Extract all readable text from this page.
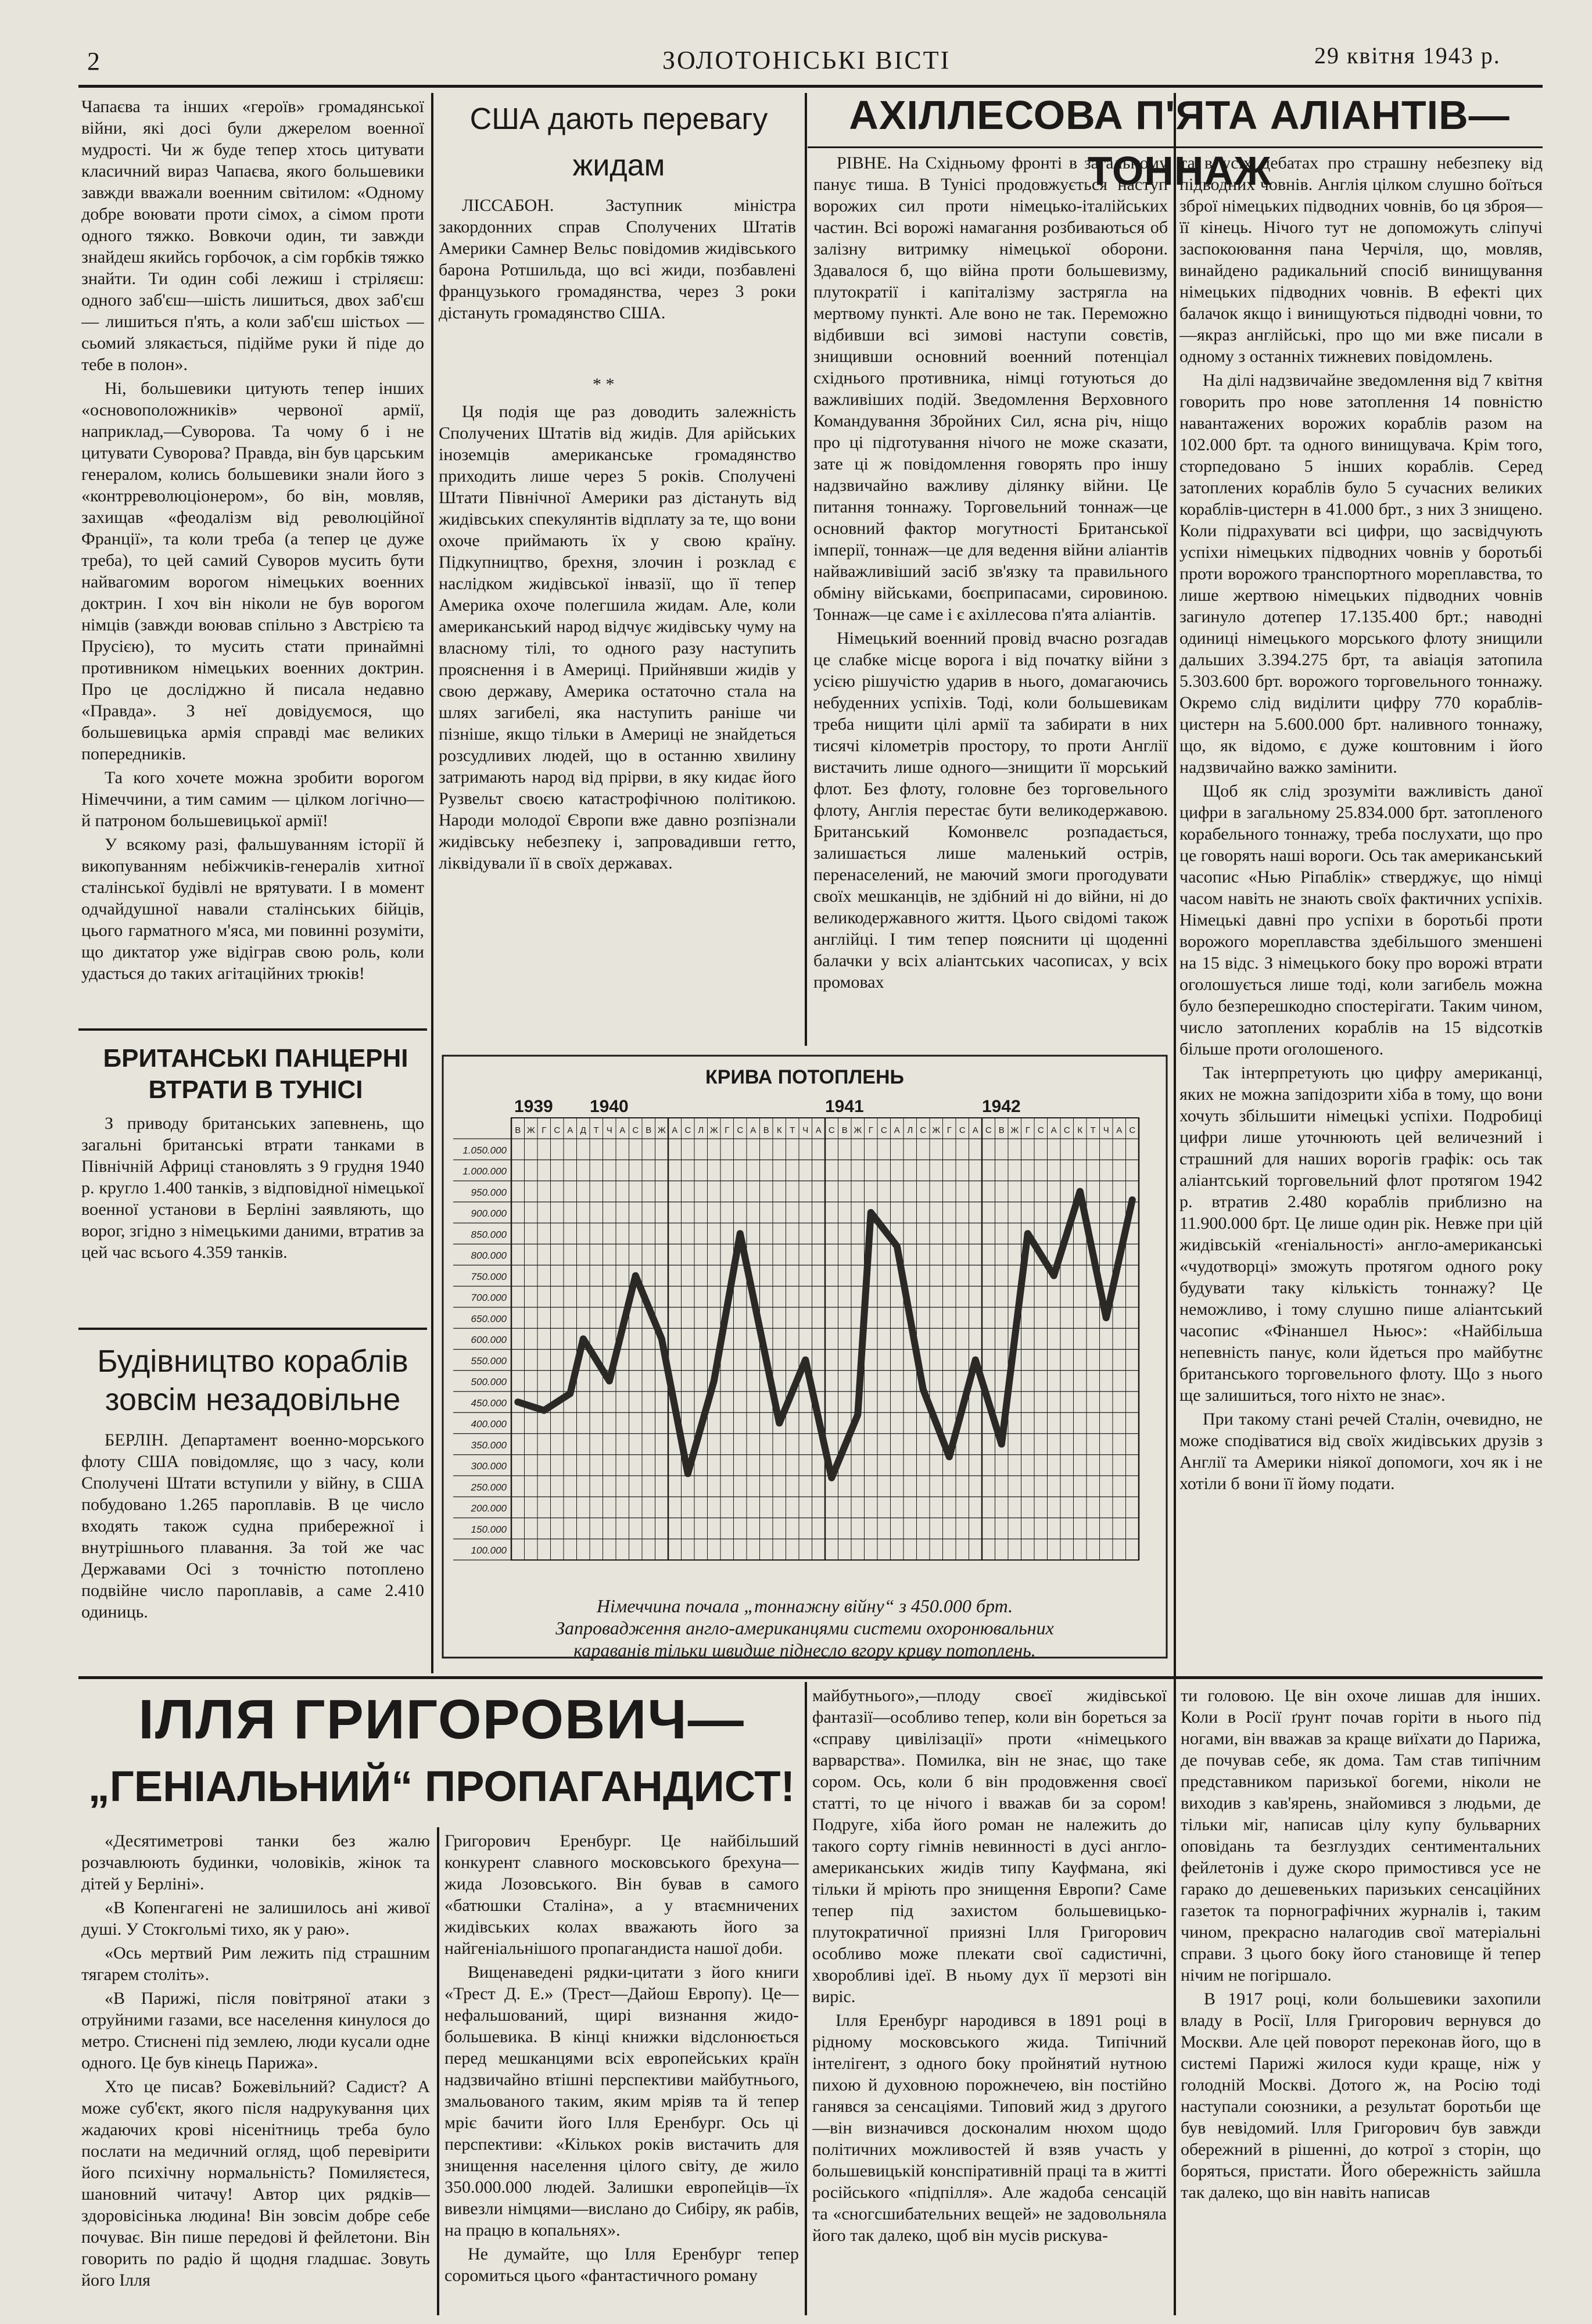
2	ЗОЛОТОНІСЬКІ ВІСТІ	29 квітня 1943 р.

Чапаєва та інших «героїв» громадянської війни, які досі були джерелом военної мудрості. Чи ж буде тепер хтось цитувати класичний вираз Чапаєва, якого большевики завжди вважали военним світилом: «Одному добре воювати проти сімох, а сімом проти одного тяжко. Вовкочи один, ти завжди знайдеш якийсь горбочок, а сім горбків тяжко знайти. Ти один собі лежиш і стріляєш: одного заб'єш—шість лишиться, двох заб'єш — лишиться п'ять, а коли заб'єш шістьох — сьомий злякається, підійме руки й піде до тебе в полон».

Ні, большевики цитують тепер інших «основоположників» червоної армії, наприклад,—Суворова. Та чому б і не цитувати Суворова? Правда, він був царським генералом, колись большевики знали його з «контрреволюціонером», бо він, мовляв, захищав «феодалізм від революційної Франції», та коли треба (а тепер це дуже треба), то цей самий Суворов мусить бути найвагомим ворогом німецьких военних доктрин. І хоч він ніколи не був ворогом німців (завжди воював спільно з Австрією та Прусією), то мусить стати принаймні противником німецьких военних доктрин. Про це досліджно й писала недавно «Правда». З неї довідуємося, що большевицька армія справді має великих попередників.

Та кого хочете можна зробити ворогом Німеччини, а тим самим — цілком логічно—й патроном большевицької армії!

У всякому разі, фальшуванням історії й викопуванням небіжчиків-генералів хитної сталінської будівлі не врятувати. І в момент одчайдушної навали сталінських бійців, цього гарматного м'яса, ми повинні розуміти, що диктатор уже відіграв свою роль, коли удасться до таких агітаційних трюків!

БРИТАНСЬКІ ПАНЦЕРНІ ВТРАТИ В ТУНІСІ

З приводу британських запевнень, що загальні британські втрати танками в Північній Африці становлять з 9 грудня 1940 р. круглo 1.400 танків, з відповідної німецької военної установи в Берліні заявляють, що ворог, згідно з німецькими даними, втратив за цей час всього 4.359 танків.

Будівництво кораблів зовсім незадовільне

БЕРЛІН. Департамент военно-морського флоту США повідомляє, що з часу, коли Сполучені Штати вступили у війну, в США побудовано 1.265 пароплавів. В це число входять також судна прибережної і внутрішнього плавання. За той же час Державами Осі з точністю потоплено подвійне число пароплавів, а саме 2.410 одиниць.

США дають перевагу жидам

ЛІССАБОН. Заступник міністра закордонних справ Сполучених Штатів Америки Самнер Вельс повідомив жидівського барона Ротшильда, що всі жиди, позбавлені французького громадянства, через 3 роки дістануть громадянство США.

* *

Ця подія ще раз доводить залежність Сполучених Штатів від жидів. Для арійських іноземців американське громадянство приходить лише через 5 років. Сполучені Штати Північної Америки раз дістануть від жидівських спекулянтів відплату за те, що вони охоче приймають їх у свою країну. Підкупництво, брехня, злочин і розклад є наслідком жидівської інвазії, що її тепер Америка охоче полегшила жидам. Але, коли американський народ відчує жидівську чуму на власному тілі, то одного разу наступить прояснення і в Америці. Прийнявши жидів у свою державу, Америка остаточно стала на шлях загибелі, яка наступить раніше чи пізніше, якщо тільки в Америці не знайдеться розсудливих людей, що в останню хвилину затримають народ від прірви, в яку кидає його Рузвельт своєю катастрофічною політикою. Народи молодої Європи вже давно розпізнали жидівську небезпеку і, запровадивши гетто, ліквідували її в своїх державах.

АХІЛЛЕСОВА П'ЯТА АЛІАНТІВ—ТОННАЖ

РІВНЕ. На Східньому фронті в загальному панує тиша. В Тунісі продовжується наступ ворожих сил проти німецько-італійських частин. Всі ворожі намагання розбиваються об залізну витримку німецької оборони. Здавалося б, що війна проти большевизму, плутократії і капіталізму застрягла на мертвому пункті. Але воно не так. Переможно відбивши всі зимові наступи совєтів, знищивши основний военний потенціал східнього противника, німці готуються до важливіших подій. Зведомлення Верховного Командування Збройних Сил, ясна річ, ніщо про ці підготування нічого не може сказати, зате ці ж повідомлення говорять про іншу надзвичайно важливу ділянку війни. Це питання тоннажу. Торговельний тоннаж—це основний фактор могутності Британської імперії, тоннаж—це для ведення війни аліантів найважливіший засіб зв'язку та правильного обміну військами, боєприпасами, сировиною. Тоннаж—це саме і є ахіллесова п'ята аліантів.

Німецький военний провід вчасно розгадав це слабке місце ворога і від початку війни з усією рішучістю ударив в нього, домагаючись небуденних успіхів. Тоді, коли большевикам треба нищити цілі армії та забирати в них тисячі кілометрів простору, то проти Англії вистачить лише одного—знищити її морський флот. Без флоту, головне без торговельного флоту, Англія перестає бути великодержавою. Британський Комонвелс розпадається, залишається лише маленький острів, перенаселений, не маючий змоги прогодувати своїх мешканців, не здібний ні до війни, ні до великодержавного життя. Цього свідомі також англійці. І тим тепер пояснити ці щоденні балачки у всіх аліантських часописах, у всіх промовах

та в усіх дебатах про страшну небезпеку від підводних човнів. Англія цілком слушно боїться зброї німецьких підводних човнів, бо ця зброя—її кінець. Нічого тут не допоможуть сліпучі заспокоювання пана Черчіля, що, мовляв, винайдено радикальний спосіб винищування німецьких підводних човнів. В ефекті цих балачок якщо і винищуються підводні човни, то—якраз англійські, про що ми вже писали в одному з останніх тижневих повідомлень.

На ділі надзвичайне зведомлення від 7 квітня говорить про нове затоплення 14 повністю навантажених ворожих кораблів разом на 102.000 брт. та одного винищувача. Крім того, сторпедовано 5 інших кораблів. Серед затоплених кораблів було 5 сучасних великих кораблів-цистерн в 41.000 брт., з них 3 знищено. Коли підрахувати всі цифри, що засвідчують успіхи німецьких підводних човнів у боротьбі проти ворожого транспортного мореплавства, то лише жертвою німецьких підводних човнів загинуло дотепер 17.135.400 брт.; наводні одиниці німецького морського флоту знищили дальших 3.394.275 брт, та авіація затопила 5.303.600 брт. ворожого торговельного тоннажу. Окремо слід виділити цифру 770 кораблів-цистерн на 5.600.000 брт. наливного тоннажу, що, як відомо, є дуже коштовним і його надзвичайно важко замінити.

Щоб як слід зрозуміти важливість даної цифри в загальному 25.834.000 брт. затопленого корабельного тоннажу, треба послухати, що про це говорять наші вороги. Ось так американський часопис «Нью Рiпаблік» стверджує, що німці часом навіть не знають своїх фактичних успіхів. Німецькі давні про успіхи в боротьбі проти ворожого мореплавства здебільшого зменшені на 15 відс. З німецького боку про ворожі втрати оголошується лише тоді, коли загибель можна було безперешкодно спостерігати. Таким чином, число затоплених кораблів на 15 відсотків більше проти оголошеного.

Так інтерпретують цю цифру американці, яких не можна запідозрити хіба в тому, що вони хочуть збільшити німецькі успіхи. Подробиці цифри лише уточнюють цей величезний і страшний для наших ворогів графік: ось так аліантський торговельний флот протягом 1942 р. втратив 2.480 кораблів приблизно на 11.900.000 брт. Це лише один рік. Невже при цій жидівській «геніальності» англо-американські «чудотворці» зможуть протягом одного року будувати таку кількість тоннажу? Це неможливо, і тому слушно пише аліантський часопис «Фінаншел Ньюс»: «Найбільша непевність панує, коли йдеться про майбутнє британського торговельного флоту. Що з нього ще залишиться, того ніхто не знає».

При такому стані речей Сталін, очевидно, не може сподіватися від своїх жидівських друзів з Англії та Америки ніякої допомоги, хоч як і не хотіли б вони її йому подати.

КРИВА ПОТОПЛЕНЬ
В Ж Г С А Д Т Ч А С В Ж А С Л Ж Г С А В К Т Ч А С В Ж Г С А Л С Ж Г С А С В Ж Г С А С К Т Ч А С
1939 1940	1941	1942
1.050.000
1.000.000
950.000
900.000
850.000
800.000
750.000
700.000
650.000
600.000
550.000
500.000
450.000
400.000
350.000
300.000
250.000
200.000
150.000
100.000
Німеччина почала „тоннажну війну“ з 450.000 брт.
Запровадження англо-американцями системи охоронювальних
караванів тільки швидше піднесло вгору криву потоплень.
ІЛЛЯ ГРИГОРОВИЧ—
„ГЕНІАЛЬНИЙ“ ПРОПАГАНДИСТ!

«Десятиметрові танки без жалю розчавлюють будинки, чоловіків, жінок та дітей у Берліні».

«В Копенгагені не залишилось ані живої душі. У Стокгольмі тихо, як у раю».

«Ось мертвий Рим лежить під страшним тягарем століть».

«В Парижі, після повітряної атаки з отруйними газами, все населення кинулося до метро. Стиснені під землею, люди кусали одне одного. Це був кінець Парижа».

Хто це писав? Божевільний? Садист? А може суб'єкт, якого після надрукування цих жадаючих крові нісенітниць треба було послати на медичний огляд, щоб перевірити його психічну нормальність? Помиляєтеся, шановний читачу! Автор цих рядків—здоровісінька людина! Він зовсім добре себе почуває. Він пише передові й фейлетони. Він говорить по радіо й щодня гладшає. Зовуть його Ілля

Григорович Еренбург. Це найбільший конкурент славного московського брехуна—жида Лозовського. Він бував в самого «батюшки Сталіна», а у втаємничених жидівських колах вважають його за найгеніальнішого пропагандиста нашої доби.

Вищенаведені рядки-цитати з його книги «Трест Д. Е.» (Трест—Дайош Европу). Це—нефальшований, щирі визнання жидо-большевика. В кінці книжки відслонюється перед мешканцями всіх европейських країн надзвичайно втішні перспективи майбутнього, змальованого таким, яким мріяв та й тепер мріє бачити його Ілля Еренбург. Ось ці перспективи: «Кількох років вистачить для знищення населення цілого світу, де жило 350.000.000 людей. Залишки европейців—їх вивезли німцями—вислано до Сибіру, як рабів, на працю в копальнях».

Не думайте, що Ілля Еренбург тепер соромиться цього «фантастичного роману

майбутнього»,—плоду своєї жидівської фантазії—особливо тепер, коли він бореться за «справу цивілізації» проти «німецького варварства». Помилка, він не знає, що таке сором. Ось, коли б він продовження своєї статті, то це нічого і вважав би за сором! Подруге, хіба його роман не належить до такого сорту гімнів невинності в дусі англо-американських жидів типу Кауфмана, які тільки й мріють про знищення Европи? Саме тепер під захистом большевицько-плутократичної приязні Ілля Григорович особливо може плекати свої садистичні, хворобливі ідеї. В ньому дух її мерзоті він виріс.

Ілля Еренбург народився в 1891 році в рідному московського жида. Типічний інтелігент, з одного боку пройнятий нутною пихою й духовною порожнечею, він постійно ганявся за сенсаціями. Типовий жид з другого—він визначився досконалим нюхом щодо політичних можливостей й взяв участь у большевицькій конспіративній праці та в житті російського «підпілля». Але жадоба сенсацій та «сногсшибательних вещей» не задовольняла його так далеко, щоб він мусів рискува-

ти головою. Це він охоче лишав для інших. Коли в Росії ґрунт почав горіти в нього під ногами, він вважав за краще виїхати до Парижа, де почував себе, як дома. Там став типічним представником паризької богеми, ніколи не виходив з кав'ярень, знайомився з людьми, де тільки міг, написав цілу купу бульварних оповідань та безглуздих сентиментальних фейлетонів і дуже скоро примостився усе не гарако до дешевеньких паризьких сенсаційних газеток та порнографічних журналів і, таким чином, прекрасно налагодив свої матеріальні справи. З цього боку його становище й тепер нічим не погіршало.

В 1917 році, коли большевики захопили владу в Росії, Ілля Григорович вернувся до Москви. Але цей поворот переконав його, що в системі Парижі жилося куди краще, ніж у голодній Москві. Дотого ж, на Росію тоді наступали союзники, а результат боротьби ще був невідомий. Ілля Григорович був завжди обережний в рішенні, до котрої з сторін, що боряться, пристати. Його обережність зайшла так далеко, що він навіть написав
